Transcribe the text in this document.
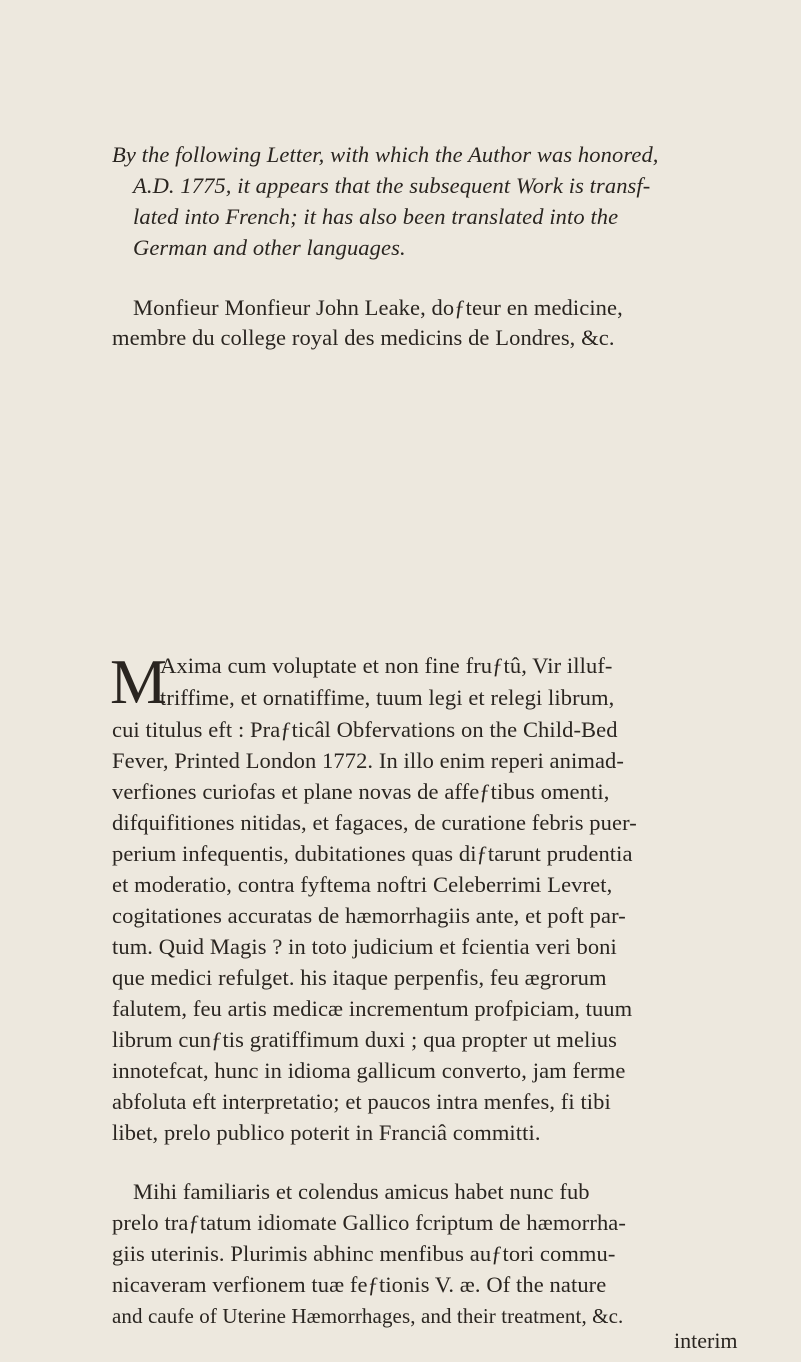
By the following Letter, with which the Author was honored,
A.D. 1775, it appears that the subsequent Work is transf-
lated into French; it has also been translated into the
German and other languages.
Monfieur Monfieur John Leake, doƒteur en medicine,
membre du college royal des medicins de Londres, &c.
M
Axima cum voluptate et non fine fruƒtû, Vir illuf-
triffime, et ornatiffime, tuum legi et relegi librum,
cui titulus eft : Praƒticâl Obfervations on the Child-Bed
Fever, Printed London 1772. In illo enim reperi animad-
verfiones curiofas et plane novas de affeƒtibus omenti,
difquifitiones nitidas, et fagaces, de curatione febris puer-
perium infequentis, dubitationes quas diƒtarunt prudentia
et moderatio, contra fyftema noftri Celeberrimi Levret,
cogitationes accuratas de hæmorrhagiis ante, et poft par-
tum. Quid Magis ? in toto judicium et fcientia veri boni
que medici refulget. his itaque perpenfis, feu ægrorum
falutem, feu artis medicæ incrementum profpiciam, tuum
librum cunƒtis gratiffimum duxi ; qua propter ut melius
innotefcat, hunc in idioma gallicum converto, jam ferme
abfoluta eft interpretatio; et paucos intra menfes, fi tibi
libet, prelo publico poterit in Franciâ committi.
Mihi familiaris et colendus amicus habet nunc fub
prelo traƒtatum idiomate Gallico fcriptum de hæmorrha-
giis uterinis. Plurimis abhinc menfibus auƒtori commu-
nicaveram verfionem tuæ feƒtionis V. æ. Of the nature
and caufe of Uterine Hæmorrhages, and their treatment, &c.
interim
